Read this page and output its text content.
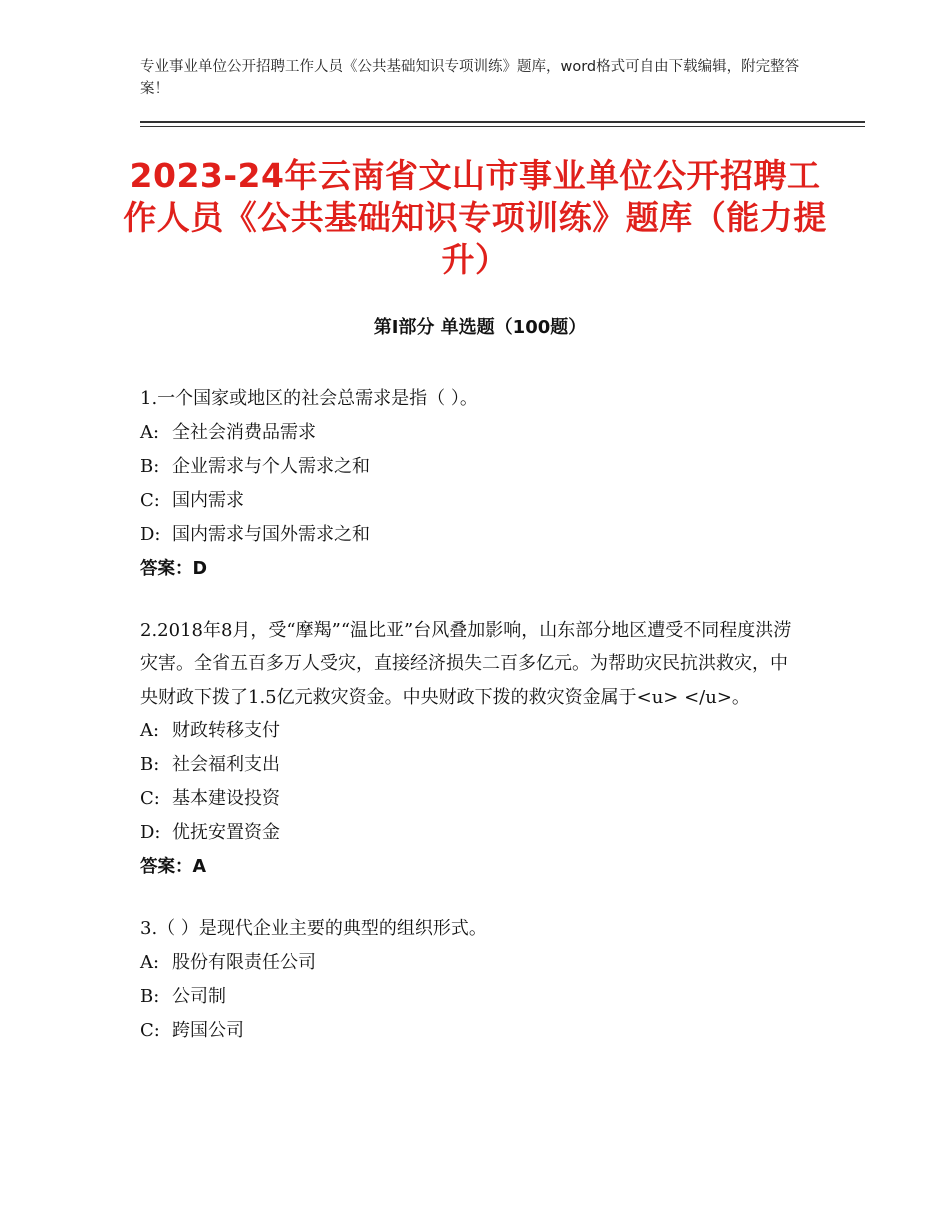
专业事业单位公开招聘工作人员《公共基础知识专项训练》题库，word格式可自由下载编辑，附完整答案！
2023-24年云南省文山市事业单位公开招聘工作人员《公共基础知识专项训练》题库（能力提升）
第Ⅰ部分 单选题（100题）

1.一个国家或地区的社会总需求是指（ ）。

A: 全社会消费品需求

B: 企业需求与个人需求之和

C: 国内需求

D: 国内需求与国外需求之和

答案：D

2.2018年8月，受“摩羯”“温比亚”台风叠加影响，山东部分地区遭受不同程度洪涝灾害。全省五百多万人受灾，直接经济损失二百多亿元。为帮助灾民抗洪救灾，中央财政下拨了1.5亿元救灾资金。中央财政下拨的救灾资金属于<u> </u>。

A: 财政转移支付

B: 社会福利支出

C: 基本建设投资

D: 优抚安置资金

答案：A

3.（ ）是现代企业主要的典型的组织形式。

A: 股份有限责任公司

B: 公司制

C: 跨国公司
